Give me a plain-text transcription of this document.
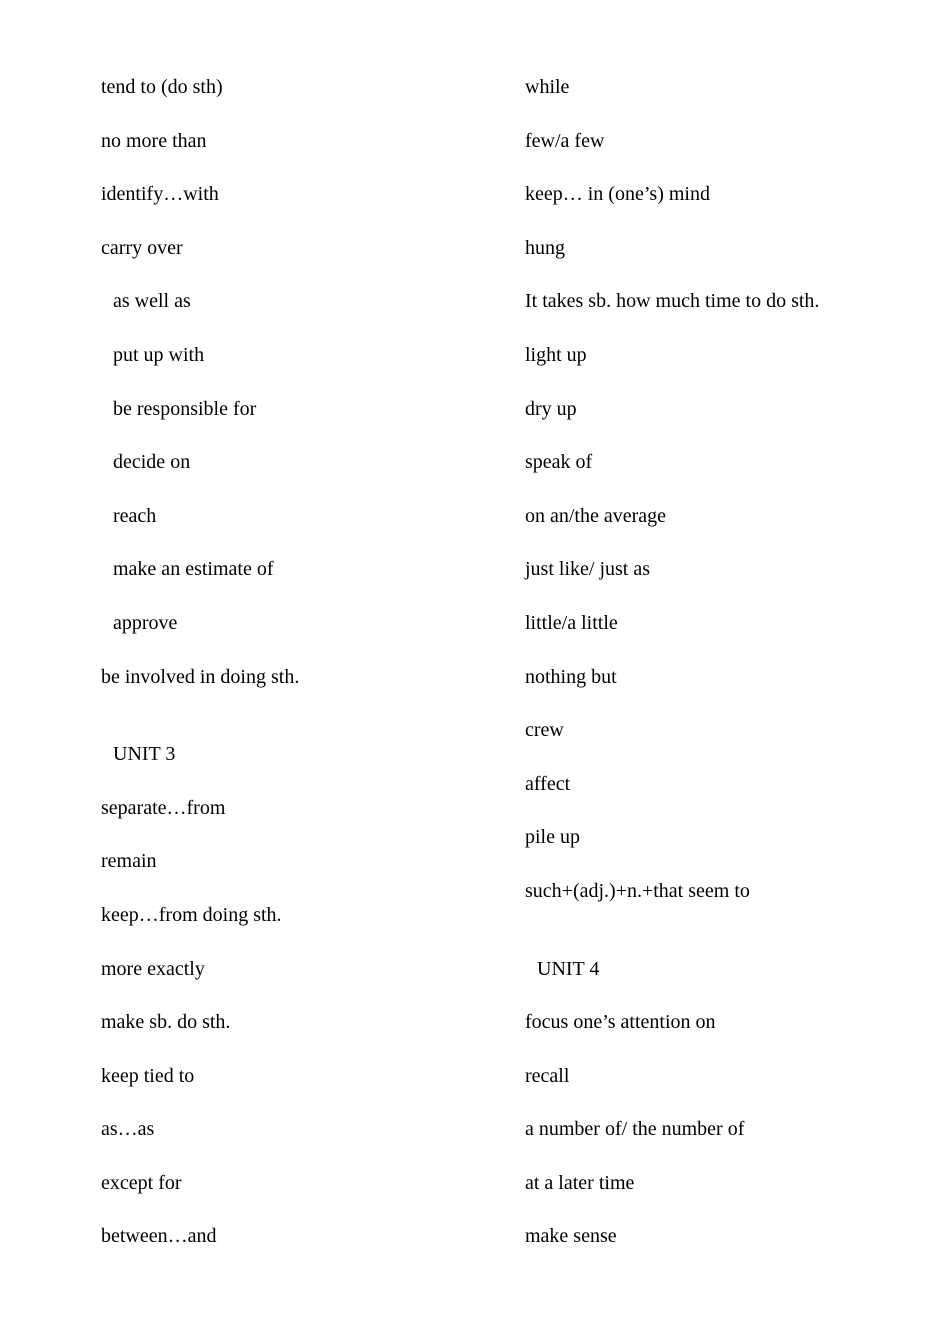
tend to (do sth)
no more than
identify…with
carry over
as well as
put up with
be responsible for
decide on
reach
make an estimate of
approve
be involved in doing sth.
UNIT 3
separate…from
remain
keep…from doing sth.
more exactly
make sb. do sth.
keep tied to
as…as
except for
between…and
while
few/a few
keep… in (one’s) mind
hung
It takes sb. how much time to do sth.
light up
dry up
speak of
on an/the average
just like/ just as
little/a little
nothing but
crew
affect
pile up
such+(adj.)+n.+that seem to
UNIT 4
focus one’s attention on
recall
a number of/ the number of
at a later time
make sense
